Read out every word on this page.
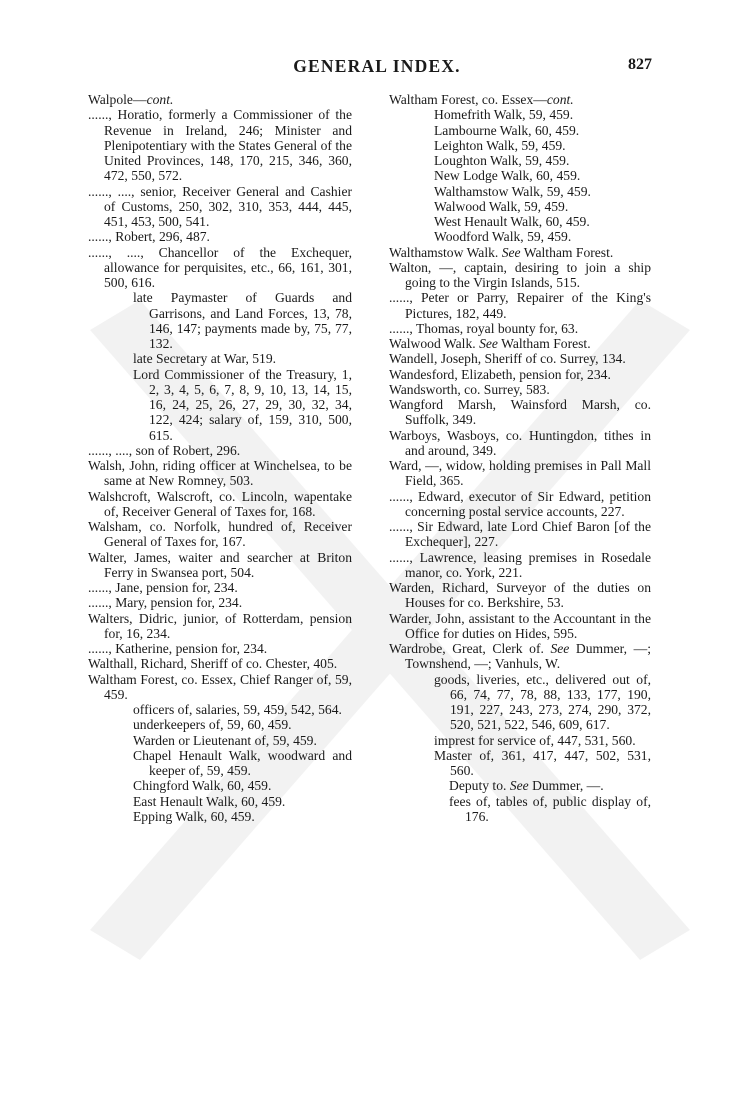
GENERAL INDEX.	827

Walpole—cont.

......, Horatio, formerly a Commissioner of the Revenue in Ireland, 246; Minister and Plenipotentiary with the States General of the United Provinces, 148, 170, 215, 346, 360, 472, 550, 572.

......, ...., senior, Receiver General and Cashier of Customs, 250, 302, 310, 353, 444, 445, 451, 453, 500, 541.

......, Robert, 296, 487.

......, ...., Chancellor of the Exchequer, allowance for perquisites, etc., 66, 161, 301, 500, 616.

late Paymaster of Guards and Garrisons, and Land Forces, 13, 78, 146, 147; payments made by, 75, 77, 132.

late Secretary at War, 519.

Lord Commissioner of the Treasury, 1, 2, 3, 4, 5, 6, 7, 8, 9, 10, 13, 14, 15, 16, 24, 25, 26, 27, 29, 30, 32, 34, 122, 424; salary of, 159, 310, 500, 615.

......, ...., son of Robert, 296.

Walsh, John, riding officer at Winchelsea, to be same at New Romney, 503.

Walshcroft, Walscroft, co. Lincoln, wapentake of, Receiver General of Taxes for, 168.

Walsham, co. Norfolk, hundred of, Receiver General of Taxes for, 167.

Walter, James, waiter and searcher at Briton Ferry in Swansea port, 504.

......, Jane, pension for, 234.

......, Mary, pension for, 234.

Walters, Didric, junior, of Rotterdam, pension for, 16, 234.

......, Katherine, pension for, 234.

Walthall, Richard, Sheriff of co. Chester, 405.

Waltham Forest, co. Essex, Chief Ranger of, 59, 459.

officers of, salaries, 59, 459, 542, 564.

underkeepers of, 59, 60, 459.

Warden or Lieutenant of, 59, 459.

Chapel Henault Walk, woodward and keeper of, 59, 459.

Chingford Walk, 60, 459.

East Henault Walk, 60, 459.

Epping Walk, 60, 459.

Waltham Forest, co. Essex—cont.

Homefrith Walk, 59, 459.

Lambourne Walk, 60, 459.

Leighton Walk, 59, 459.

Loughton Walk, 59, 459.

New Lodge Walk, 60, 459.

Walthamstow Walk, 59, 459.

Walwood Walk, 59, 459.

West Henault Walk, 60, 459.

Woodford Walk, 59, 459.

Walthamstow Walk. See Waltham Forest.

Walton, —, captain, desiring to join a ship going to the Virgin Islands, 515.

......, Peter or Parry, Repairer of the King's Pictures, 182, 449.

......, Thomas, royal bounty for, 63.

Walwood Walk. See Waltham Forest.

Wandell, Joseph, Sheriff of co. Surrey, 134.

Wandesford, Elizabeth, pension for, 234.

Wandsworth, co. Surrey, 583.

Wangford Marsh, Wainsford Marsh, co. Suffolk, 349.

Warboys, Wasboys, co. Huntingdon, tithes in and around, 349.

Ward, —, widow, holding premises in Pall Mall Field, 365.

......, Edward, executor of Sir Edward, petition concerning postal service accounts, 227.

......, Sir Edward, late Lord Chief Baron [of the Exchequer], 227.

......, Lawrence, leasing premises in Rosedale manor, co. York, 221.

Warden, Richard, Surveyor of the duties on Houses for co. Berkshire, 53.

Warder, John, assistant to the Accountant in the Office for duties on Hides, 595.

Wardrobe, Great, Clerk of. See Dummer, —; Townshend, —; Vanhuls, W.

goods, liveries, etc., delivered out of, 66, 74, 77, 78, 88, 133, 177, 190, 191, 227, 243, 273, 274, 290, 372, 520, 521, 522, 546, 609, 617.

imprest for service of, 447, 531, 560.

Master of, 361, 417, 447, 502, 531, 560.

Deputy to. See Dummer, —.

fees of, tables of, public display of, 176.
